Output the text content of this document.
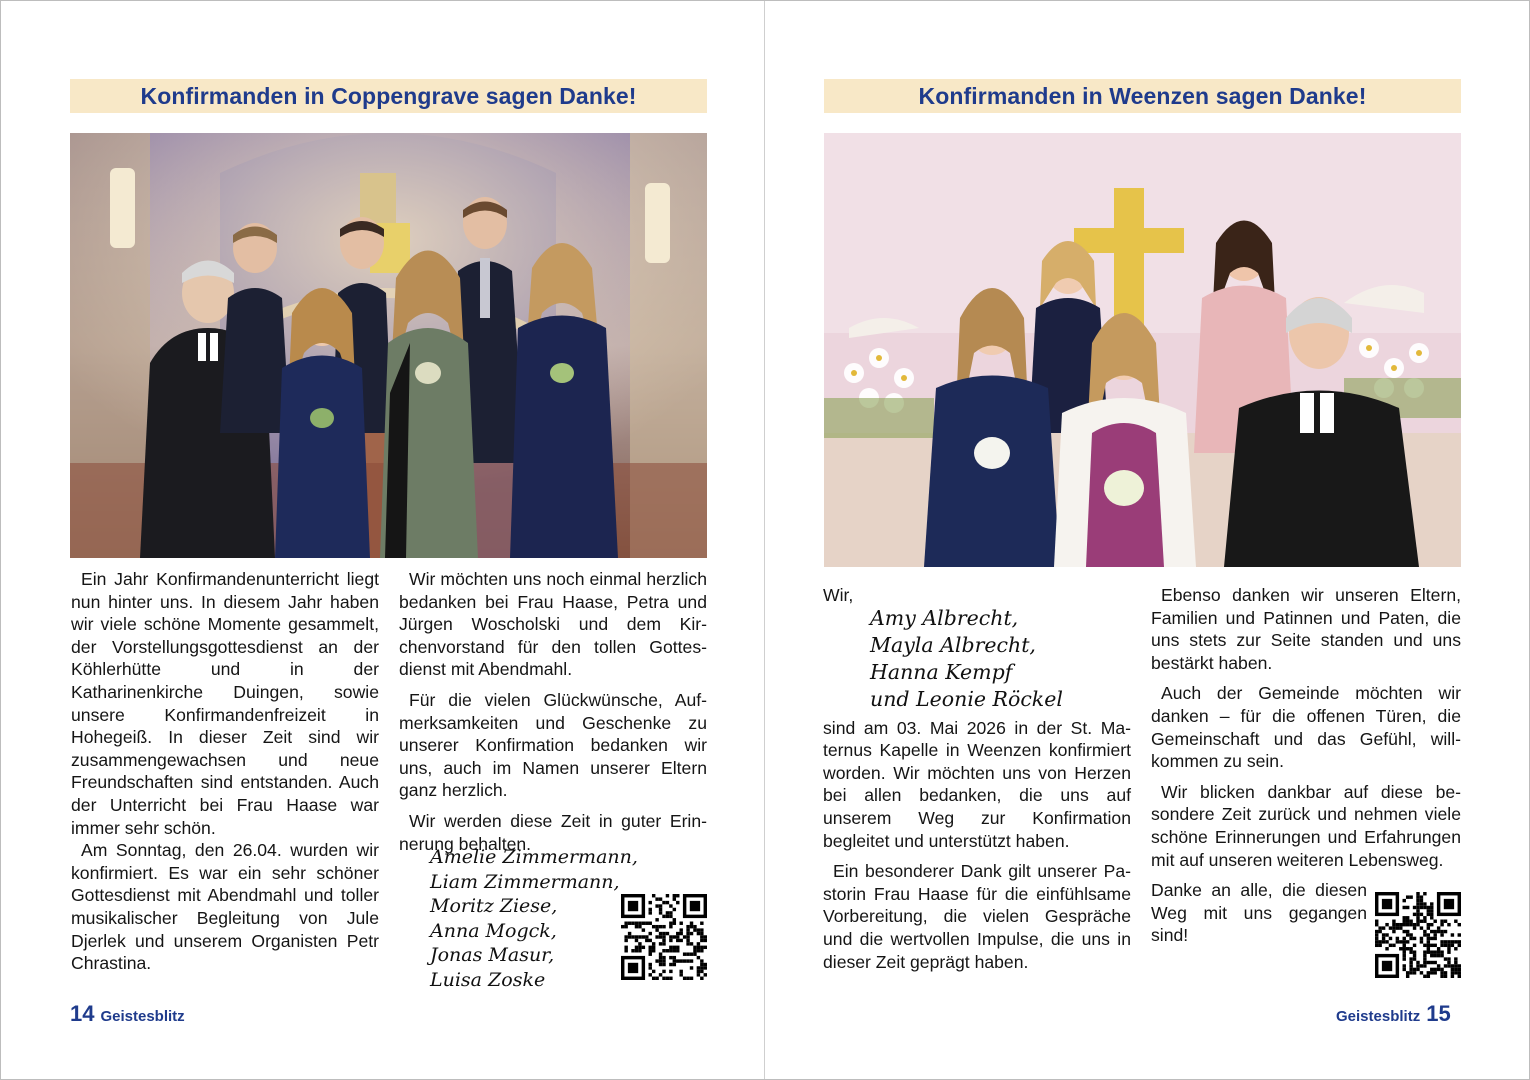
Konfirmanden in Coppengrave sagen Danke!

Ein Jahr Konfirmandenunterricht liegt nun hinter uns. In diesem Jahr haben wir viele schöne Momente gesammelt, der Vorstellungsgottesdienst an der Köhlerhütte und in der Katharinenkirche Duingen, sowie unsere Konfirmandenfreizeit in Hohegeiß. In dieser Zeit sind wir zusammengewachsen und neue Freundschaften sind entstanden. Auch der Unterricht bei Frau Haase war immer sehr schön.

Am Sonntag, den 26.04. wurden wir konfirmiert. Es war ein sehr schöner Gottesdienst mit Abendmahl und toller musikalischer Begleitung von Jule Djerlek und unserem Organisten Petr Chrastina.

Wir möchten uns noch einmal herzlich bedanken bei Frau Haase, Petra und Jürgen Woscholski und dem Kirchenvorstand für den tollen Gottesdienst mit Abendmahl.

Für die vielen Glückwünsche, Aufmerksamkeiten und Geschenke zu unserer Konfirmation bedanken wir uns, auch im Namen unserer Eltern ganz herzlich.

Wir werden diese Zeit in guter Erinnerung behalten.

Amelie Zimmermann,
Liam Zimmermann,
Moritz Ziese,
Anna Mogck,
Jonas Masur,
Luisa Zoske
14 Geistesblitz
Konfirmanden in Weenzen sagen Danke!
Wir,

sind am 03. Mai 2026 in der St. Maternus Kapelle in Weenzen konfirmiert worden. Wir möchten uns von Herzen bei allen bedanken, die uns auf unserem Weg zur Konfirmation begleitet und unterstützt haben.

Ein besonderer Dank gilt unserer Pastorin Frau Haase für die einfühlsame Vorbereitung, die vielen Gespräche und die wertvollen Impulse, die uns in dieser Zeit geprägt haben.

Amy Albrecht,
Mayla Albrecht,
Hanna Kempf
und Leonie Röckel

Ebenso danken wir unseren Eltern, Familien und Patinnen und Paten, die uns stets zur Seite standen und uns bestärkt haben.

Auch der Gemeinde möchten wir danken – für die offenen Türen, die Gemeinschaft und das Gefühl, willkommen zu sein.

Wir blicken dankbar auf diese besondere Zeit zurück und nehmen viele schöne Erinnerungen und Erfahrungen mit auf unseren weiteren Lebensweg.

Danke an alle, die diesen Weg mit uns gegangen sind!

Geistesblitz 15
